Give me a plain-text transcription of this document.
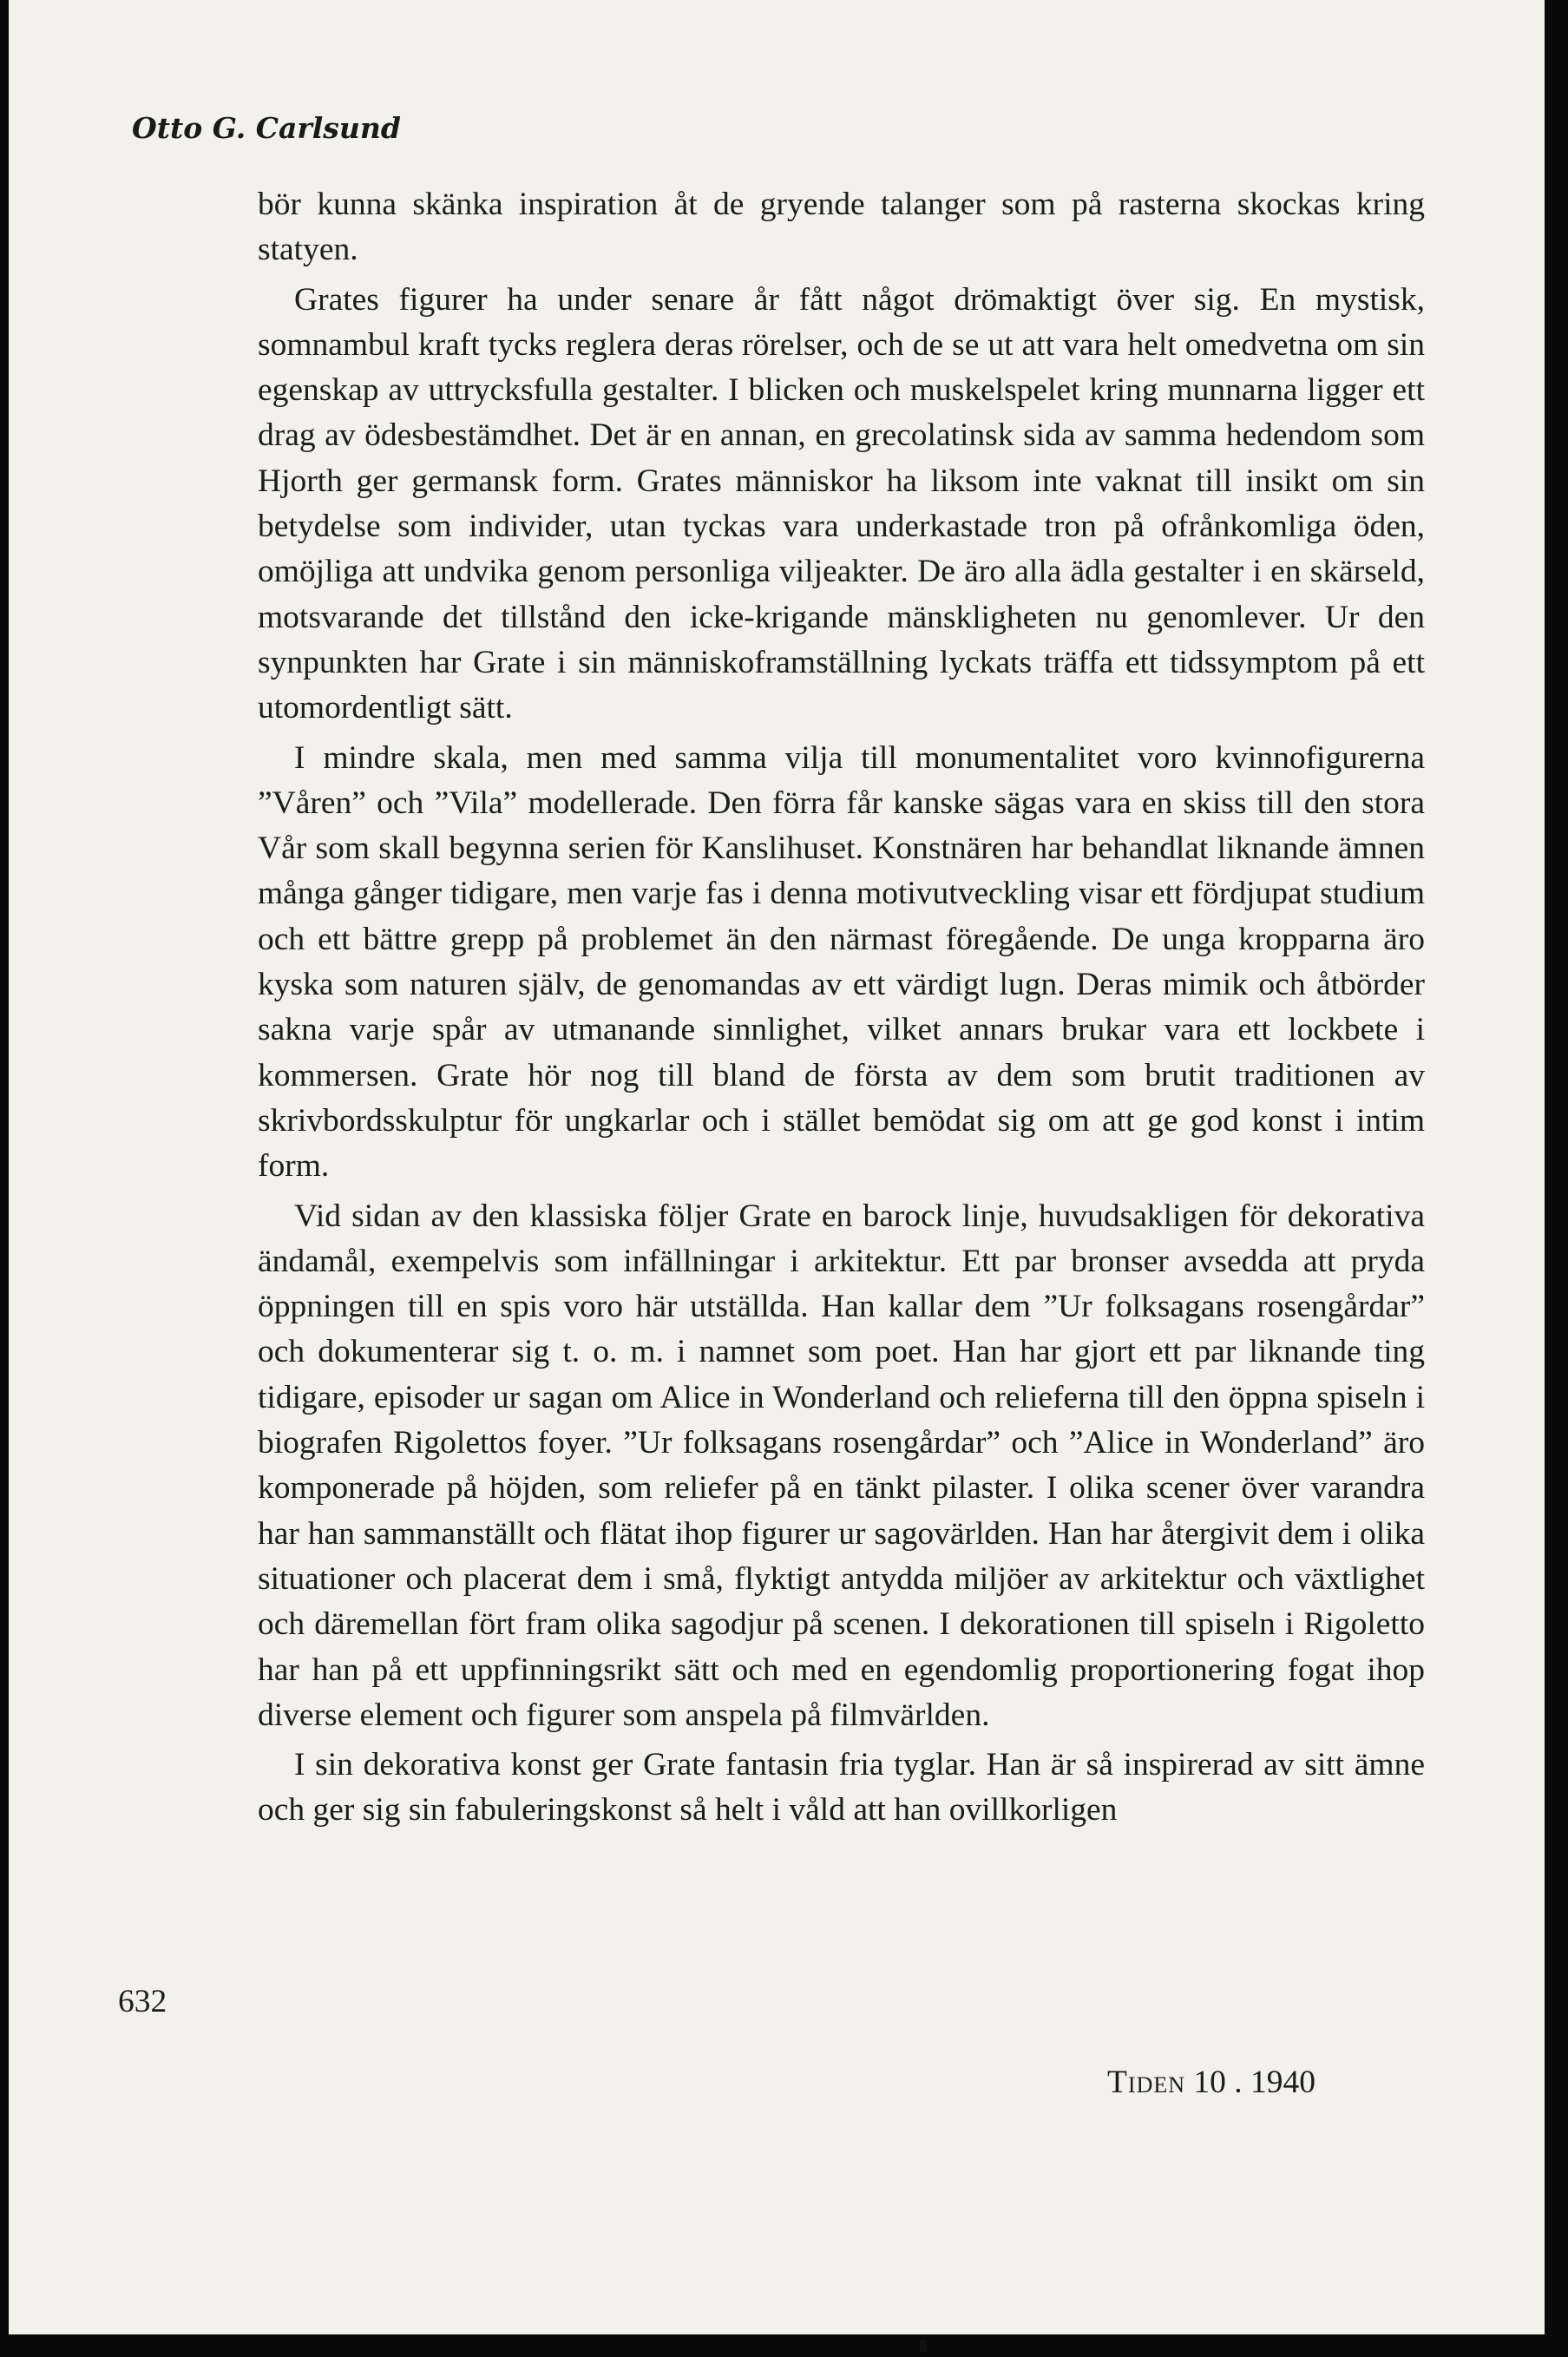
Otto G. Carlsund

bör kunna skänka inspiration åt de gryende talanger som på rasterna skockas kring statyen.

Grates figurer ha under senare år fått något drömaktigt över sig. En mystisk, somnambul kraft tycks reglera deras rörelser, och de se ut att vara helt omedvetna om sin egenskap av uttrycksfulla gestalter. I blicken och muskelspelet kring munnarna ligger ett drag av ödesbestämdhet. Det är en annan, en grecolatinsk sida av samma hedendom som Hjorth ger germansk form. Grates människor ha liksom inte vaknat till insikt om sin betydelse som individer, utan tyckas vara underkastade tron på ofrånkomliga öden, omöjliga att undvika genom personliga viljeakter. De äro alla ädla gestalter i en skärseld, motsvarande det tillstånd den icke-krigande mänskligheten nu genomlever. Ur den synpunkten har Grate i sin människoframställning lyckats träffa ett tidssymptom på ett utomordentligt sätt.

I mindre skala, men med samma vilja till monumentalitet voro kvinnofigurerna ”Våren” och ”Vila” modellerade. Den förra får kanske sägas vara en skiss till den stora Vår som skall begynna serien för Kanslihuset. Konstnären har behandlat liknande ämnen många gånger tidigare, men varje fas i denna motivutveckling visar ett fördjupat studium och ett bättre grepp på problemet än den närmast föregående. De unga kropparna äro kyska som naturen själv, de genomandas av ett värdigt lugn. Deras mimik och åtbörder sakna varje spår av utmanande sinnlighet, vilket annars brukar vara ett lockbete i kommersen. Grate hör nog till bland de första av dem som brutit traditionen av skrivbordsskulptur för ungkarlar och i stället bemödat sig om att ge god konst i intim form.

Vid sidan av den klassiska följer Grate en barock linje, huvudsakligen för dekorativa ändamål, exempelvis som infällningar i arkitektur. Ett par bronser avsedda att pryda öppningen till en spis voro här utställda. Han kallar dem ”Ur folksagans rosengårdar” och dokumenterar sig t. o. m. i namnet som poet. Han har gjort ett par liknande ting tidigare, episoder ur sagan om Alice in Wonderland och relieferna till den öppna spiseln i biografen Rigolettos foyer. ”Ur folksagans rosengårdar” och ”Alice in Wonderland” äro komponerade på höjden, som reliefer på en tänkt pilaster. I olika scener över varandra har han sammanställt och flätat ihop figurer ur sagovärlden. Han har återgivit dem i olika situationer och placerat dem i små, flyktigt antydda miljöer av arkitektur och växtlighet och däremellan fört fram olika sagodjur på scenen. I dekorationen till spiseln i Rigoletto har han på ett uppfinningsrikt sätt och med en egendomlig proportionering fogat ihop diverse element och figurer som anspela på filmvärlden.

I sin dekorativa konst ger Grate fantasin fria tyglar. Han är så inspirerad av sitt ämne och ger sig sin fabuleringskonst så helt i våld att han ovillkorligen

632

Tiden 10 . 1940
